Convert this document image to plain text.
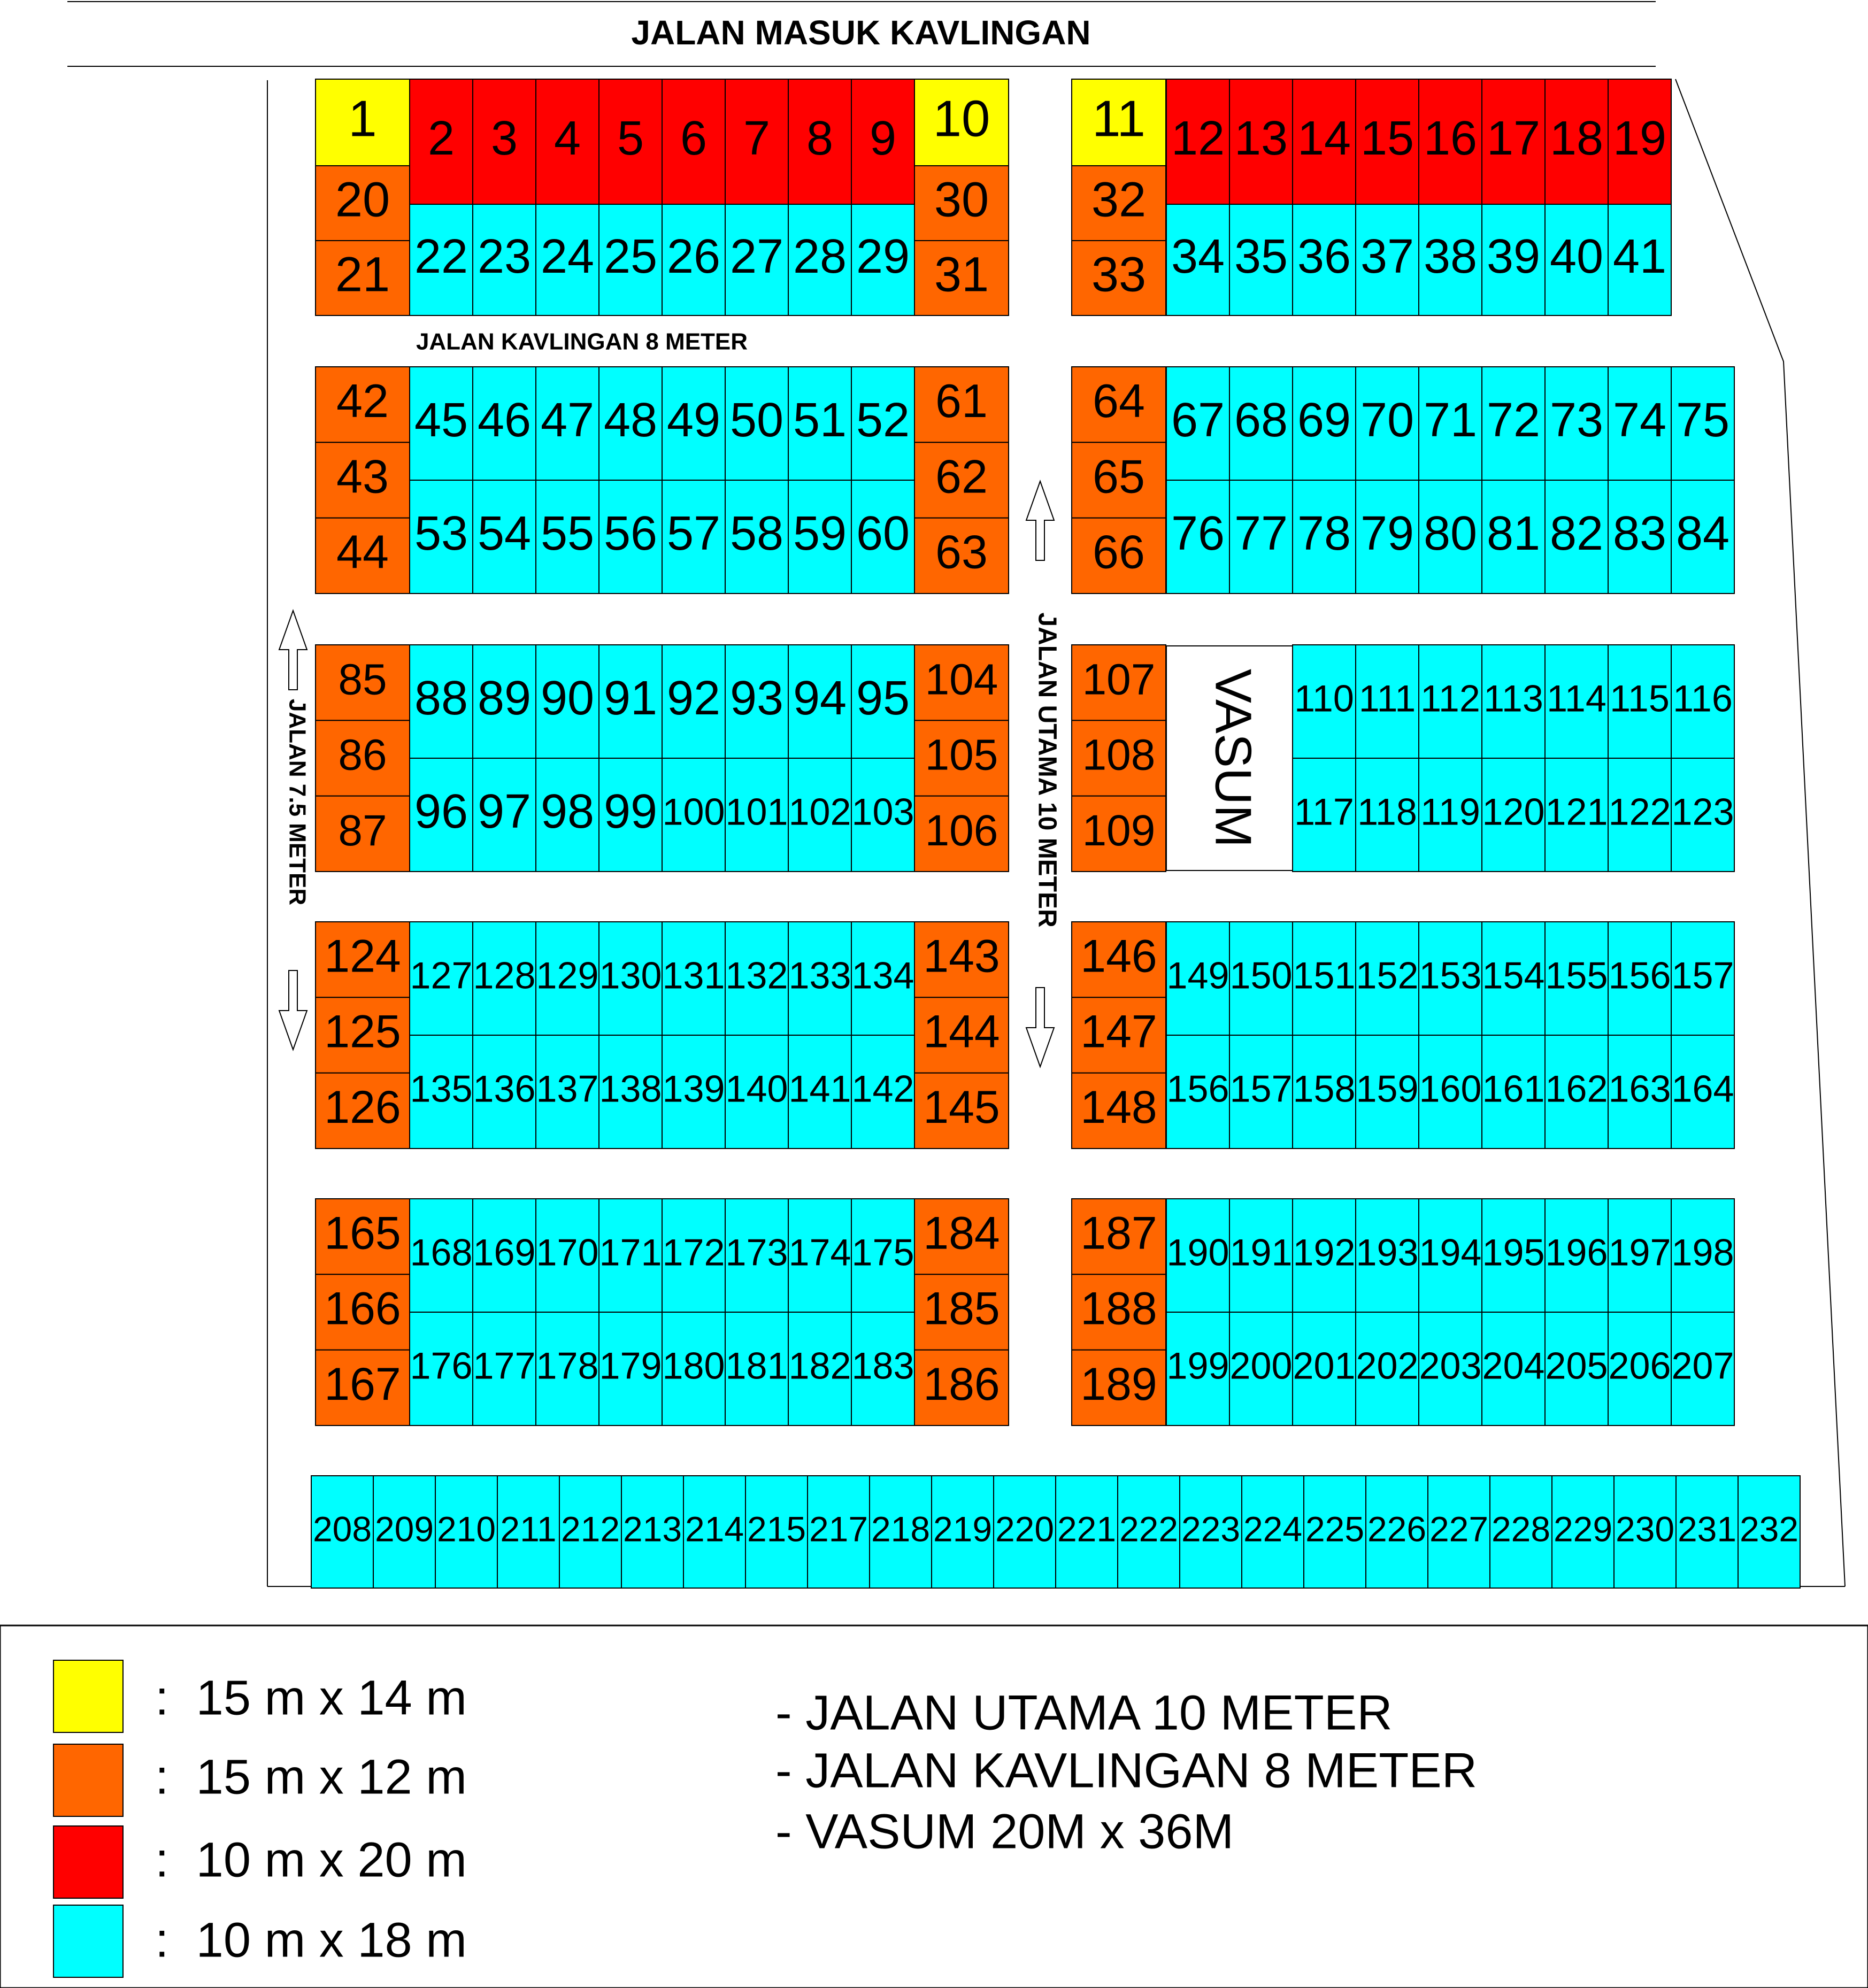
1 2 3 4 5 6 7 8 9 10
20
21
30
31
22 23 24 25 26 27 28 29
11 12 13 14 15 16 17 18 19
32
33 34 35 36 37 38 39 40 41
42
43
44
45
53
46
54
47
55
48
56
49
57
50
58
51
59
52
60
61
62
63
64
65
66
67
76
68
77
69
78
70
79
71
80
72
81
73
82
74
83
75
84
85
86
87
88
96
89
97
90
98
91
99
92
100
93
101
94
102
95
103
104
105
106
107
108
109
110
117
111
118
112
119
113
120
114
121
115
122
116
123
124
125
126
127
135
128
136
129
137
130
138
131
139
132
140
133
141
134
142
143
144
145
146
147
148
149
156
150
157
151
158
152
159
153
160
154
161
155
162
156
163
157
164
165
166
167
168
176
169
177
170
178
171
179
172
180
173
181
174
182
175
183
184
185
186
187
188
189
190
199
191
200
192
201
193
202
194
203
195
204
196
205
197
206
198
207
208 209 210 211 212 213 214 215 217 218 219 220 221 222 223 224 225 226 227 228 229 230 231 232
:  15 m x 14 m
:  15 m x 12 m
:  10 m x 20 m
:  10 m x 18 m
- JALAN UTAMA 10 METER
- JALAN KAVLINGAN 8 METER
- VASUM 20M x 36M
VASUM
JALAN MASUK KAVLINGAN
JALAN KAVLINGAN 8 METER
JALAN UTAMA 10 METER
JALAN 7.5 METER
